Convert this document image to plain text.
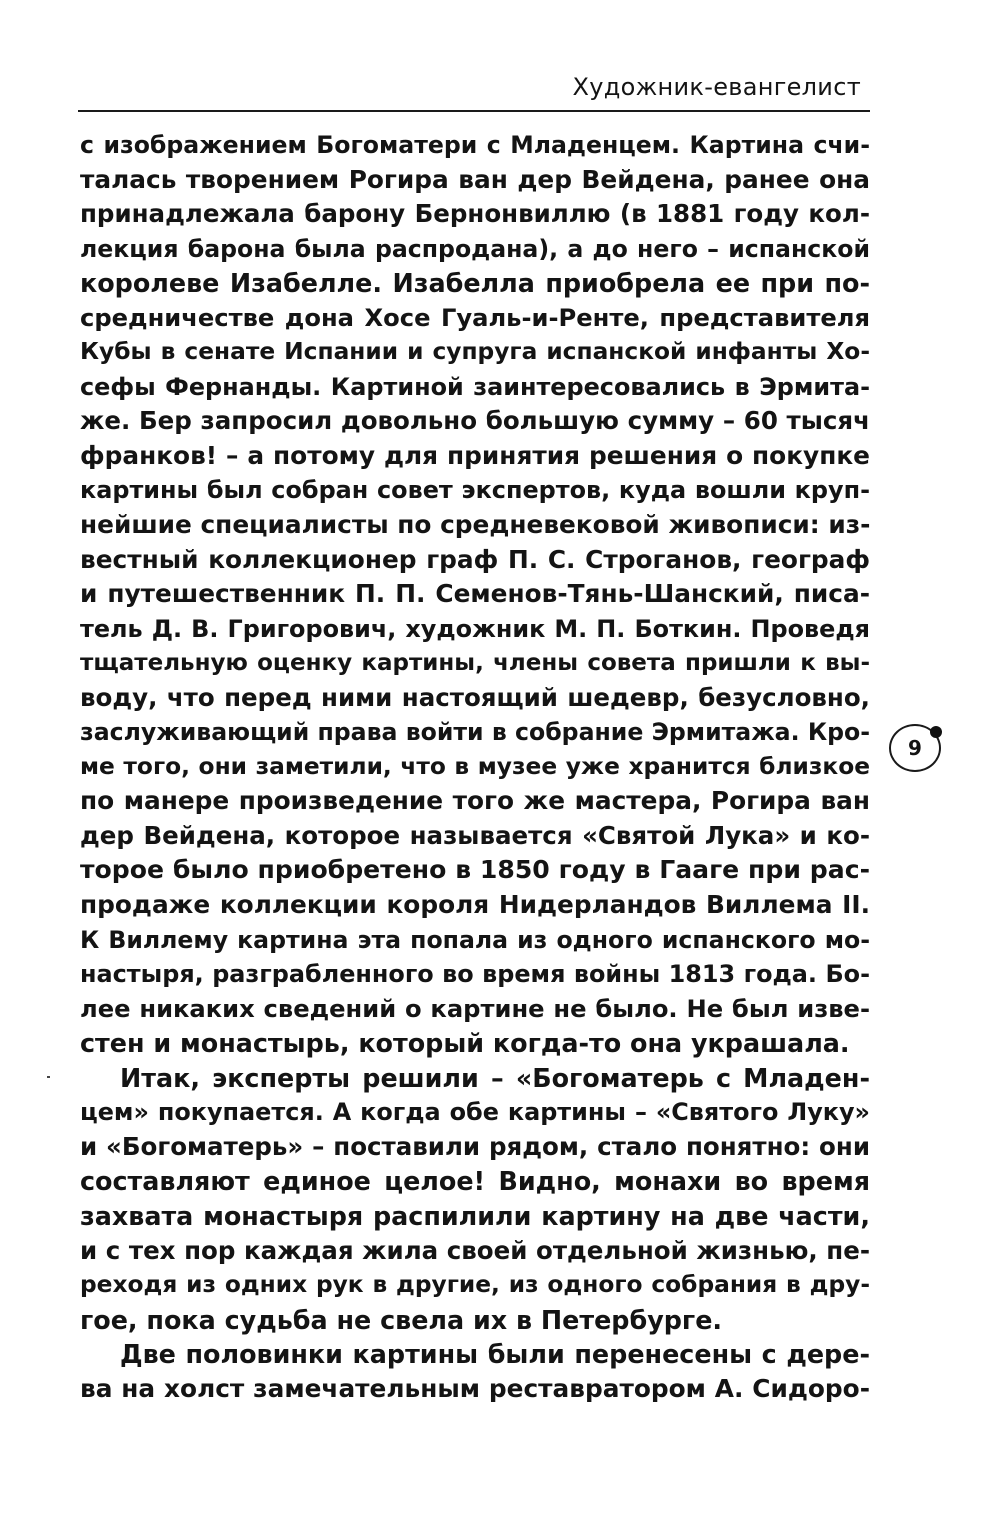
Художник-евангелист
с изображением Богоматери с Младенцем. Картина счи-
талась творением Рогира ван дер Вейдена, ранее она
принадлежала барону Бернонвиллю (в 1881 году кол-
лекция барона была распродана), а до него – испанской
королеве Изабелле. Изабелла приобрела ее при по-
средничестве дона Хосе Гуаль-и-Ренте, представителя
Кубы в сенате Испании и супруга испанской инфанты Хо-
сефы Фернанды. Картиной заинтересовались в Эрмита-
же. Бер запросил довольно большую сумму – 60 тысяч
франков! – а потому для принятия решения о покупке
картины был собран совет экспертов, куда вошли круп-
нейшие специалисты по средневековой живописи: из-
вестный коллекционер граф П. С. Строганов, географ
и путешественник П. П. Семенов-Тянь-Шанский, писа-
тель Д. В. Григорович, художник М. П. Боткин. Проведя
тщательную оценку картины, члены совета пришли к вы-
воду, что перед ними настоящий шедевр, безусловно,
заслуживающий права войти в собрание Эрмитажа. Кро-
ме того, они заметили, что в музее уже хранится близкое
по манере произведение того же мастера, Рогира ван
дер Вейдена, которое называется «Святой Лука» и ко-
торое было приобретено в 1850 году в Гааге при рас-
продаже коллекции короля Нидерландов Виллема II.
К Виллему картина эта попала из одного испанского мо-
настыря, разграбленного во время войны 1813 года. Бо-
лее никаких сведений о картине не было. Не был изве-
стен и монастырь, который когда-то она украшала.
Итак, эксперты решили – «Богоматерь с Младен-
цем» покупается. А когда обе картины – «Святого Луку»
и «Богоматерь» – поставили рядом, стало понятно: они
составляют единое целое! Видно, монахи во время
захвата монастыря распилили картину на две части,
и с тех пор каждая жила своей отдельной жизнью, пе-
реходя из одних рук в другие, из одного собрания в дру-
гое, пока судьба не свела их в Петербурге.
Две половинки картины были перенесены с дере-
ва на холст замечательным реставратором А. Сидоро-
9
